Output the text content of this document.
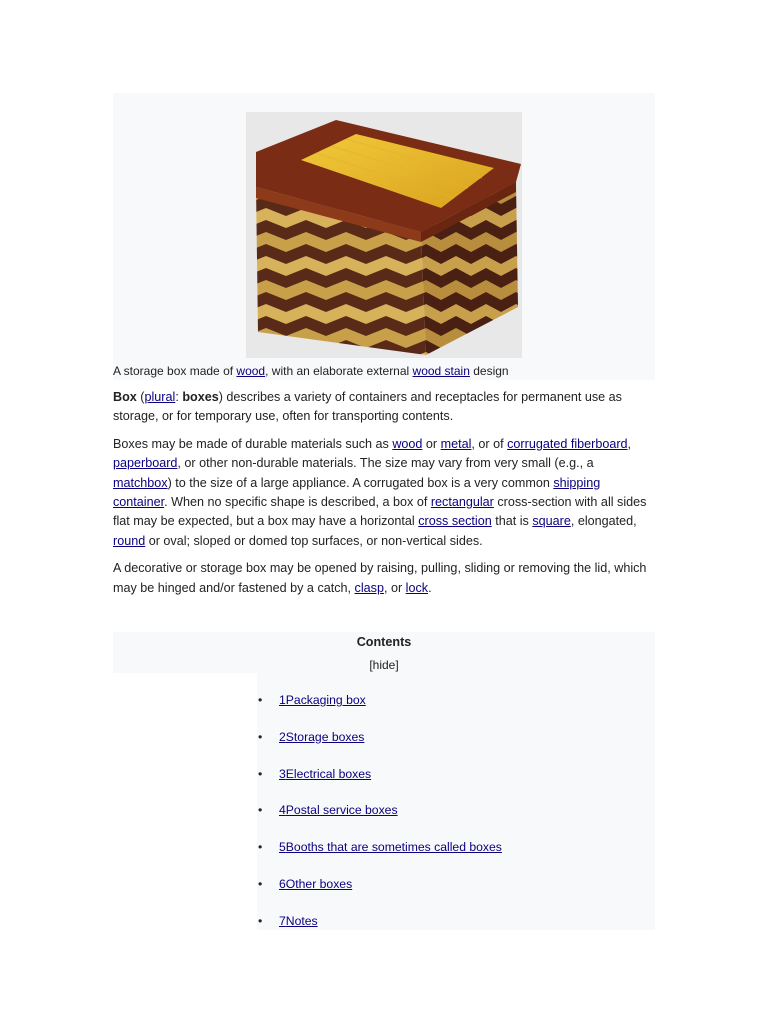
A storage box made of wood, with an elaborate external wood stain design

Box (plural: boxes) describes a variety of containers and receptacles for permanent use as storage, or for temporary use, often for transporting contents.

Boxes may be made of durable materials such as wood or metal, or of corrugated fiberboard, paperboard, or other non-durable materials. The size may vary from very small (e.g., a matchbox) to the size of a large appliance. A corrugated box is a very common shipping container. When no specific shape is described, a box of rectangular cross-section with all sides flat may be expected, but a box may have a horizontal cross section that is square, elongated, round or oval; sloped or domed top surfaces, or non-vertical sides.

A decorative or storage box may be opened by raising, pulling, sliding or removing the lid, which may be hinged and/or fastened by a catch, clasp, or lock.

Contents
[hide]
• 1Packaging box
• 2Storage boxes
• 3Electrical boxes
• 4Postal service boxes
• 5Booths that are sometimes called boxes
• 6Other boxes
• 7Notes
